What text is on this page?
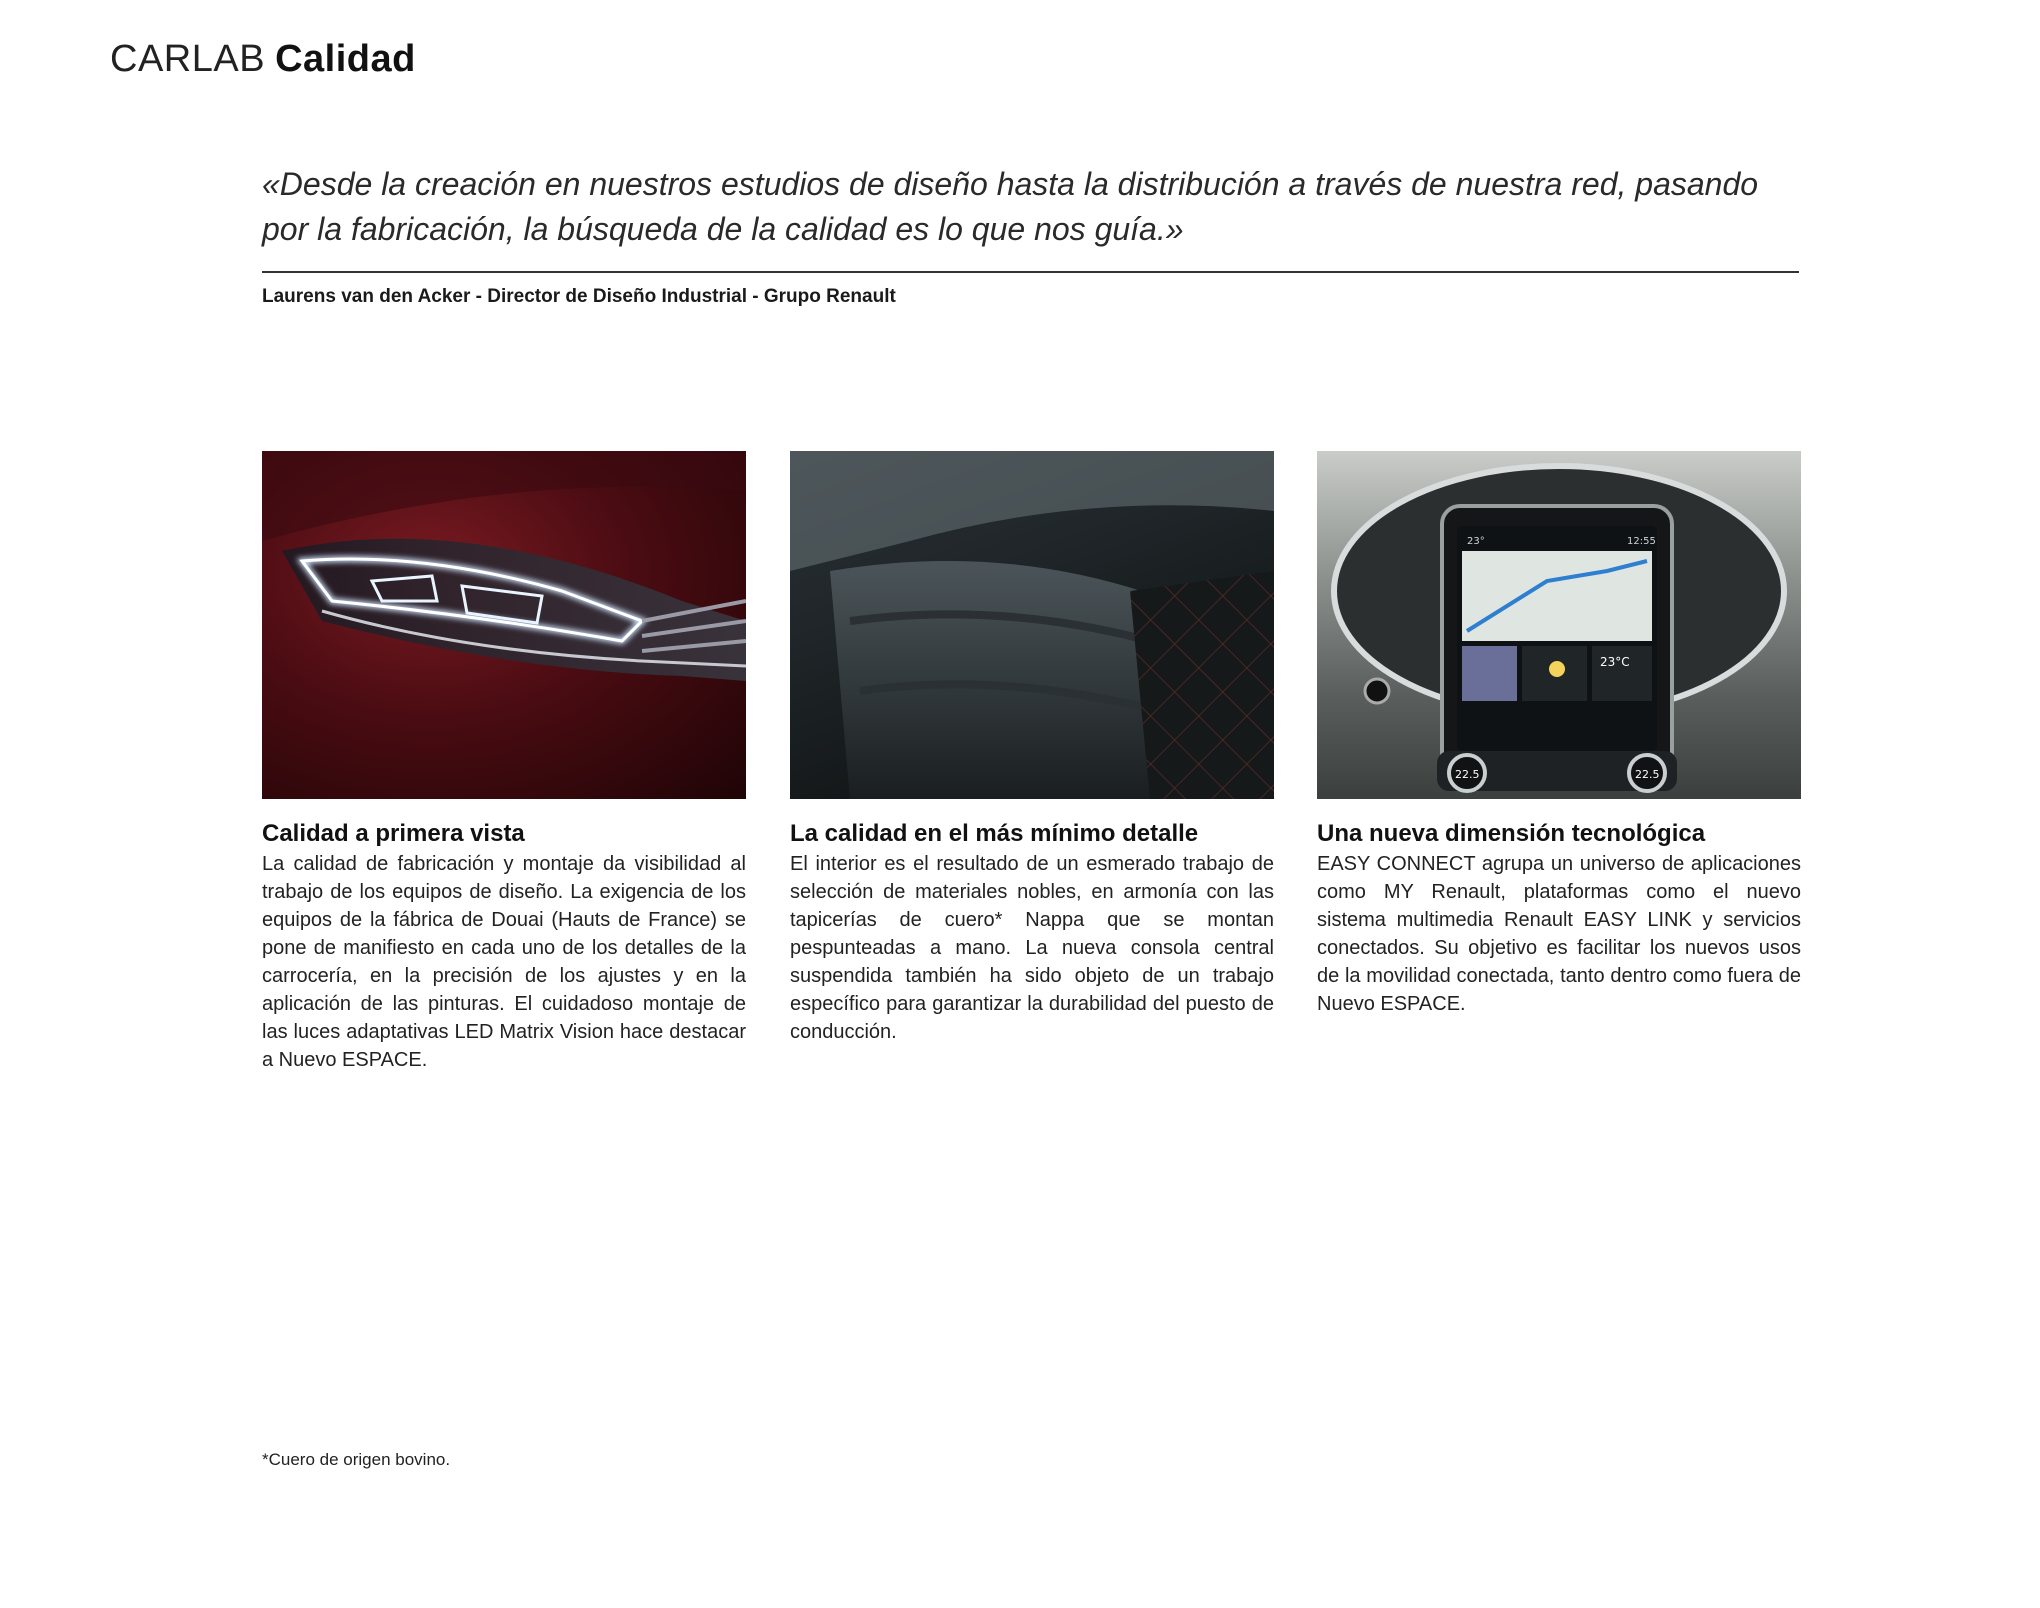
CARLAB Calidad

«Desde la creación en nuestros estudios de diseño hasta la distribución a través de nuestra red, pasando por la fabricación, la búsqueda de la calidad es lo que nos guía.»

Laurens van den Acker - Director de Diseño Industrial - Grupo Renault
Calidad a primera vista

La calidad de fabricación y montaje da visibilidad al trabajo de los equipos de diseño. La exigencia de los equipos de la fábrica de Douai (Hauts de France) se pone de manifiesto en cada uno de los detalles de la carrocería, en la precisión de los ajustes y en la aplicación de las pinturas. El cuidadoso montaje de las luces adaptativas LED Matrix Vision hace destacar a Nuevo ESPACE.

La calidad en el más mínimo detalle

El interior es el resultado de un esmerado trabajo de selección de materiales nobles, en armonía con las tapicerías de cuero* Nappa que se montan pespunteadas a mano. La nueva consola central suspendida también ha sido objeto de un trabajo específico para garantizar la durabilidad del puesto de conducción.

23°	12:55
23°C
22.5	22.5
Una nueva dimensión tecnológica

EASY CONNECT agrupa un universo de aplicaciones como MY Renault, plataformas como el nuevo sistema multimedia Renault EASY LINK y servicios conectados. Su objetivo es facilitar los nuevos usos de la movilidad conectada, tanto dentro como fuera de Nuevo ESPACE.

*Cuero de origen bovino.
